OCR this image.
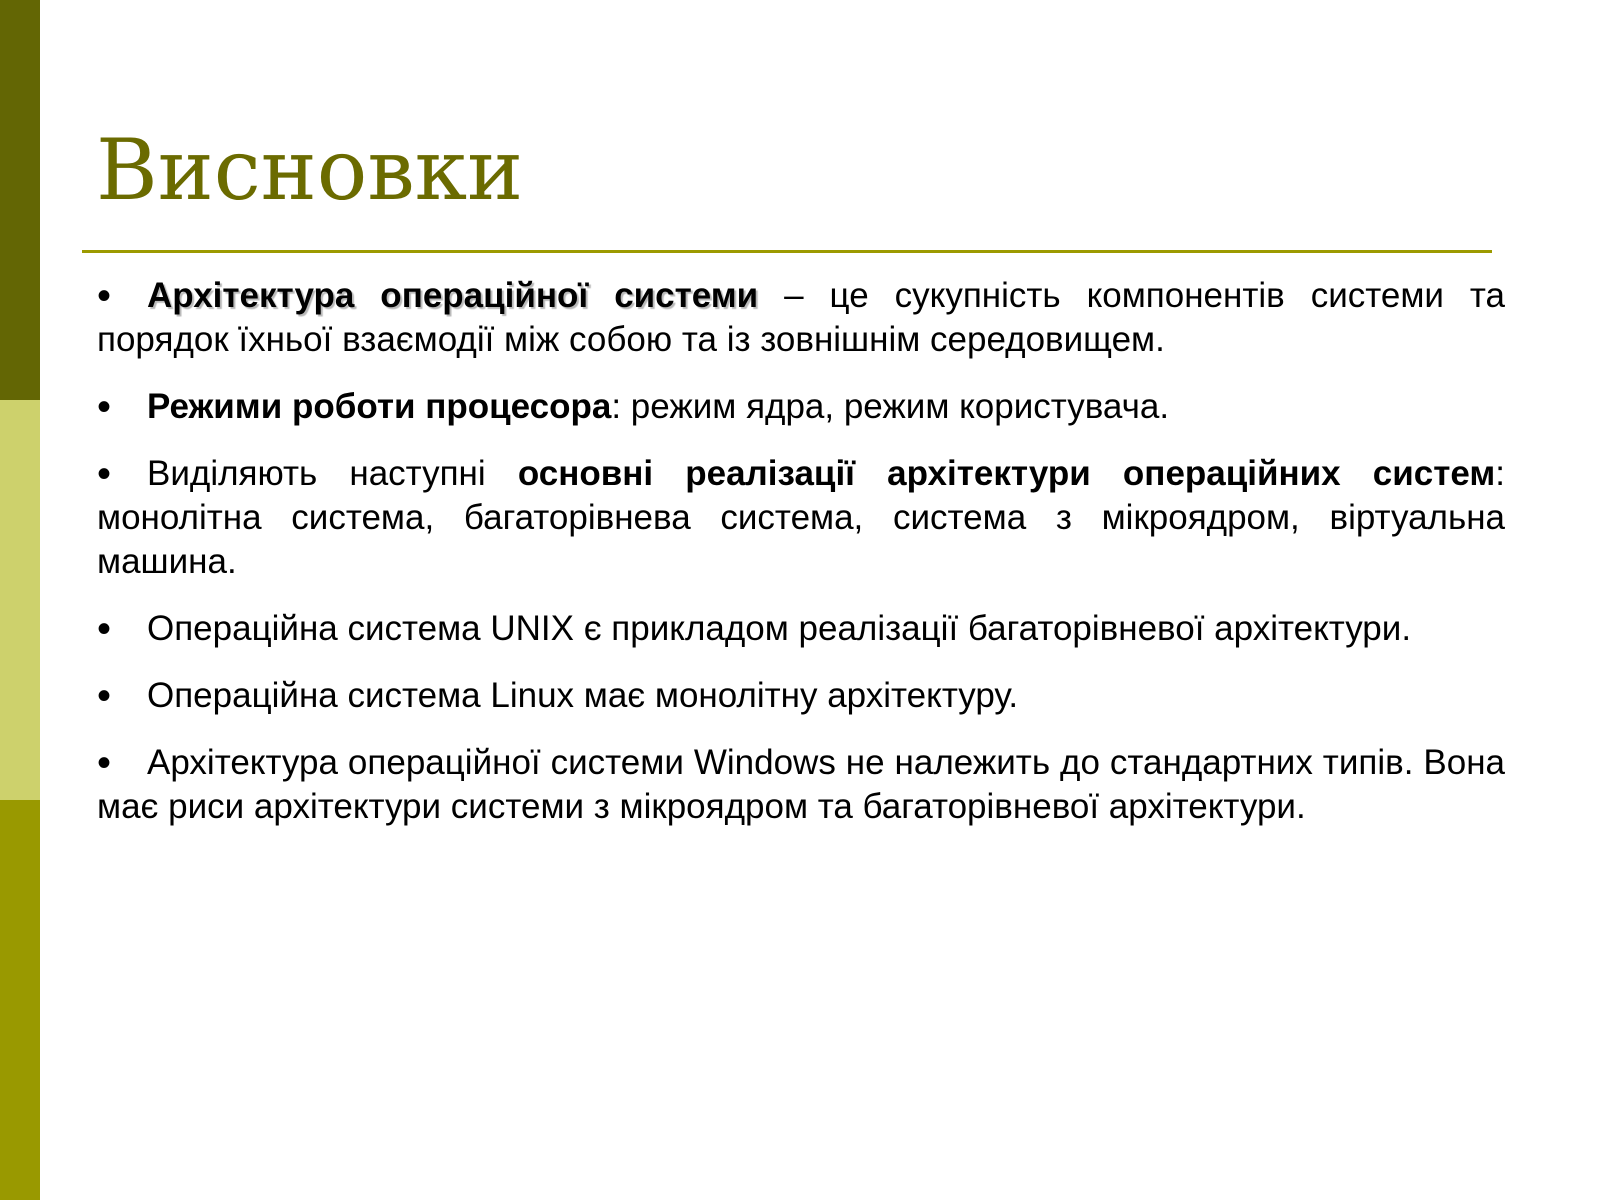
Висновки
• Архітектура операційної системи – це сукупність компонентів системи та порядок їхньої взаємодії між собою та із зовнішнім середовищем.
• Режими роботи процесора: режим ядра, режим користувача.
• Виділяють наступні основні реалізації архітектури операційних систем: монолітна система, багаторівнева система, система з мікроядром, віртуальна машина.
• Операційна система UNIX є прикладом реалізації багаторівневої архітектури.
• Операційна система Linux має монолітну архітектуру.
• Архітектура операційної системи Windows не належить до стандартних типів. Вона має риси архітектури системи з мікроядром та багаторівневої архітектури.
